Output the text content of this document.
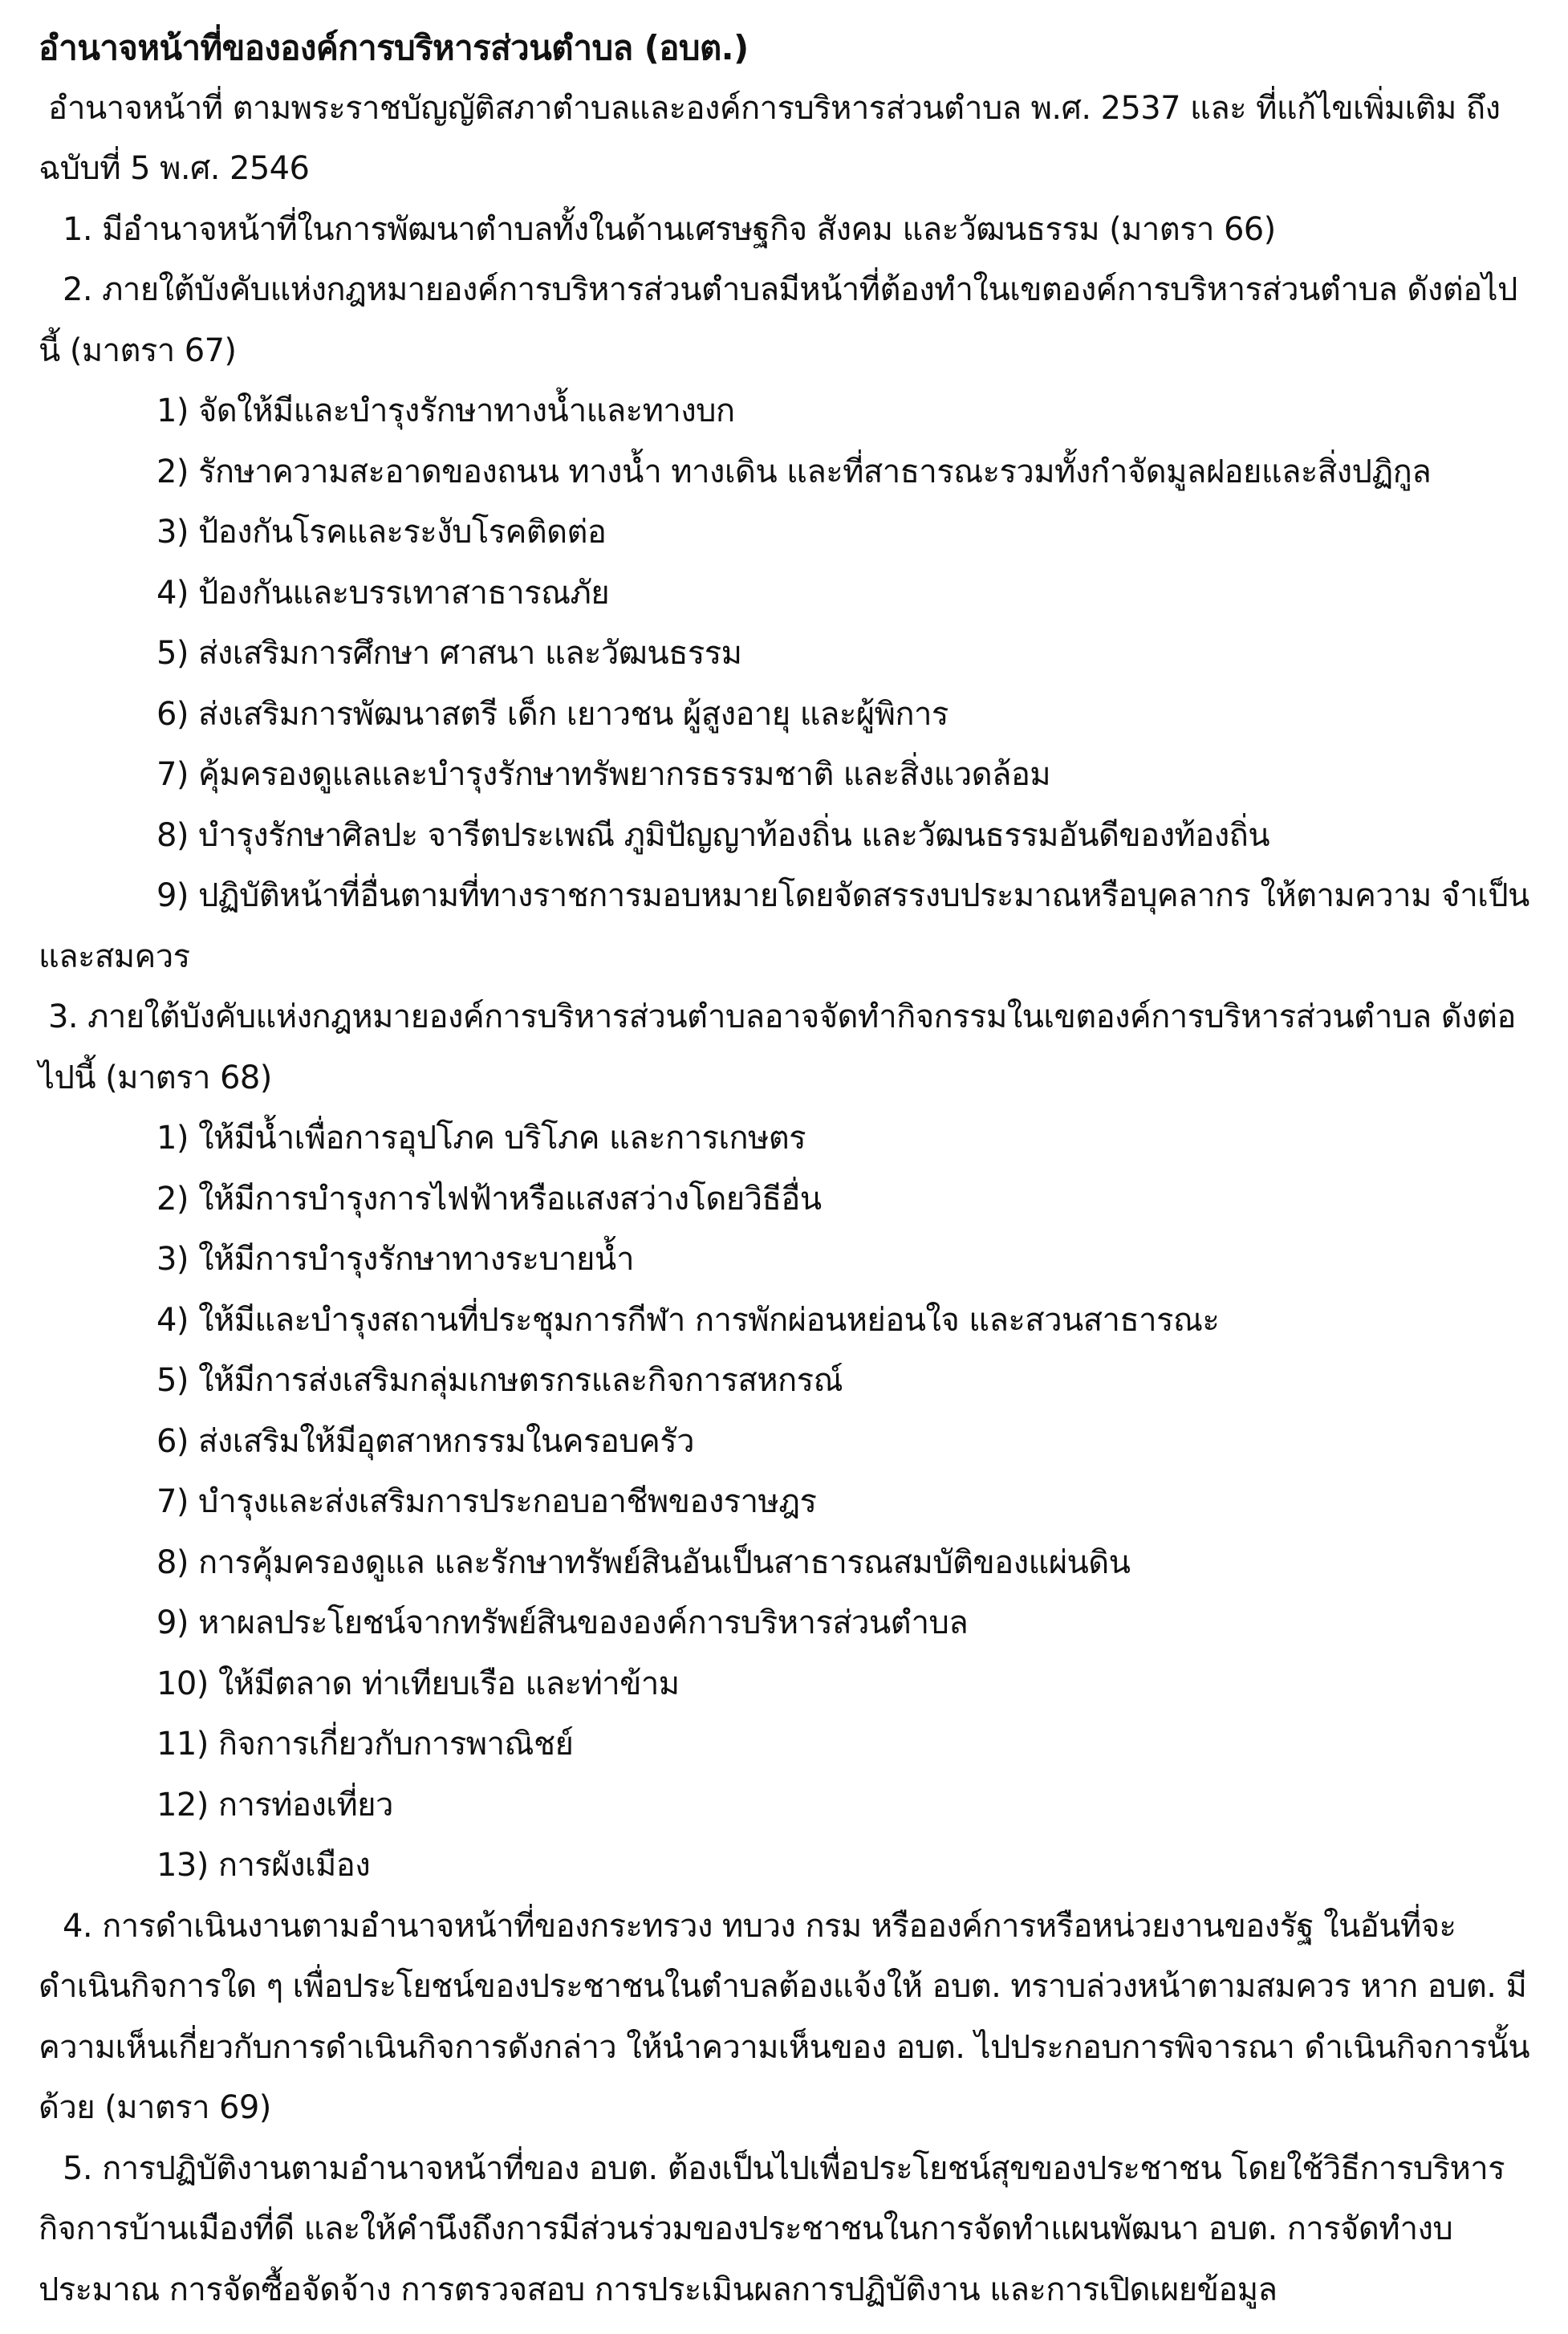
อำนาจหน้าที่ขององค์การบริหารส่วนตำบล (อบต.)

อำนาจหน้าที่ ตามพระราชบัญญัติสภาตำบลและองค์การบริหารส่วนตำบล พ.ศ. 2537 และ ที่แก้ไขเพิ่มเติม ถึงฉบับที่ 5 พ.ศ. 2546

1. มีอำนาจหน้าที่ในการพัฒนาตำบลทั้งในด้านเศรษฐกิจ สังคม และวัฒนธรรม (มาตรา 66)

2. ภายใต้บังคับแห่งกฎหมายองค์การบริหารส่วนตำบลมีหน้าที่ต้องทำในเขตองค์การบริหารส่วนตำบล ดังต่อไปนี้ (มาตรา 67)

1) จัดให้มีและบำรุงรักษาทางน้ำและทางบก

2) รักษาความสะอาดของถนน ทางน้ำ ทางเดิน และที่สาธารณะรวมทั้งกำจัดมูลฝอยและสิ่งปฏิกูล

3) ป้องกันโรคและระงับโรคติดต่อ

4) ป้องกันและบรรเทาสาธารณภัย

5) ส่งเสริมการศึกษา ศาสนา และวัฒนธรรม

6) ส่งเสริมการพัฒนาสตรี เด็ก เยาวชน ผู้สูงอายุ และผู้พิการ

7) คุ้มครองดูแลและบำรุงรักษาทรัพยากรธรรมชาติ และสิ่งแวดล้อม

8) บำรุงรักษาศิลปะ จารีตประเพณี ภูมิปัญญาท้องถิ่น และวัฒนธรรมอันดีของท้องถิ่น

9) ปฏิบัติหน้าที่อื่นตามที่ทางราชการมอบหมายโดยจัดสรรงบประมาณหรือบุคลากร ให้ตามความ จำเป็นและสมควร

3. ภายใต้บังคับแห่งกฎหมายองค์การบริหารส่วนตำบลอาจจัดทำกิจกรรมในเขตองค์การบริหารส่วนตำบล ดังต่อไปนี้ (มาตรา 68)

1) ให้มีน้ำเพื่อการอุปโภค บริโภค และการเกษตร

2) ให้มีการบำรุงการไฟฟ้าหรือแสงสว่างโดยวิธีอื่น

3) ให้มีการบำรุงรักษาทางระบายน้ำ

4) ให้มีและบำรุงสถานที่ประชุมการกีฬา การพักผ่อนหย่อนใจ และสวนสาธารณะ

5) ให้มีการส่งเสริมกลุ่มเกษตรกรและกิจการสหกรณ์

6) ส่งเสริมให้มีอุตสาหกรรมในครอบครัว

7) บำรุงและส่งเสริมการประกอบอาชีพของราษฎร

8) การคุ้มครองดูแล และรักษาทรัพย์สินอันเป็นสาธารณสมบัติของแผ่นดิน

9) หาผลประโยชน์จากทรัพย์สินขององค์การบริหารส่วนตำบล

10) ให้มีตลาด ท่าเทียบเรือ และท่าข้าม

11) กิจการเกี่ยวกับการพาณิชย์

12) การท่องเที่ยว

13) การผังเมือง

4. การดำเนินงานตามอำนาจหน้าที่ของกระทรวง ทบวง กรม หรือองค์การหรือหน่วยงานของรัฐ ในอันที่จะดำเนินกิจการใด ๆ เพื่อประโยชน์ของประชาชนในตำบลต้องแจ้งให้ อบต. ทราบล่วงหน้าตามสมควร หาก อบต. มีความเห็นเกี่ยวกับการดำเนินกิจการดังกล่าว ให้นำความเห็นของ อบต. ไปประกอบการพิจารณา ดำเนินกิจการนั้นด้วย (มาตรา 69)

5. การปฏิบัติงานตามอำนาจหน้าที่ของ อบต. ต้องเป็นไปเพื่อประโยชน์สุขของประชาชน โดยใช้วิธีการบริหารกิจการบ้านเมืองที่ดี และให้คำนึงถึงการมีส่วนร่วมของประชาชนในการจัดทำแผนพัฒนา อบต. การจัดทำงบประมาณ การจัดซื้อจัดจ้าง การตรวจสอบ การประเมินผลการปฏิบัติงาน และการเปิดเผยข้อมูล
